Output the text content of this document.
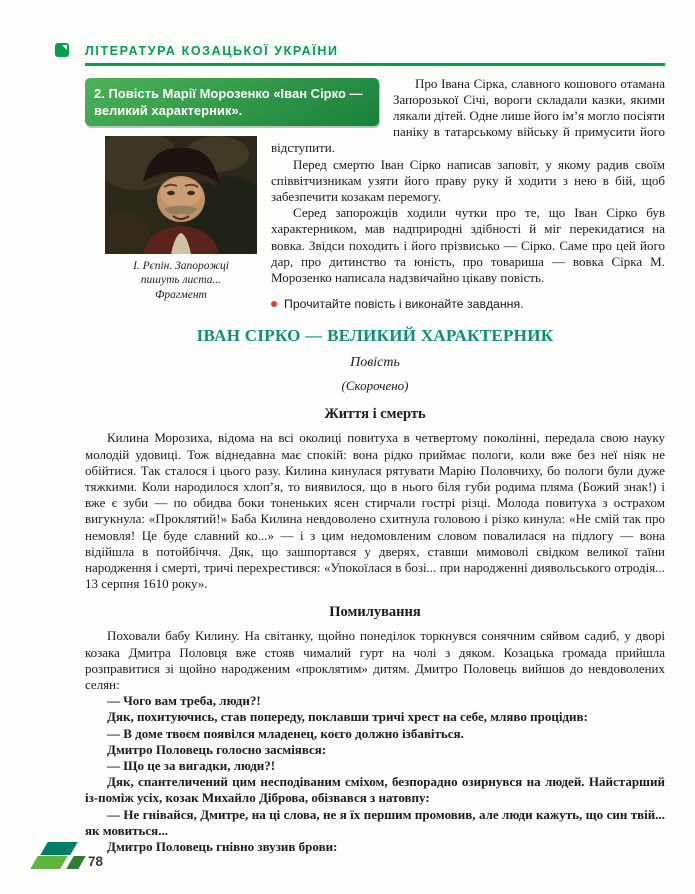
ЛІТЕРАТУРА КОЗАЦЬКОЇ УКРАЇНИ
2. Повість Марії Морозенко «Іван Сірко — великий характерник».
І. Рєпін. Запорожці пишуть листа... Фрагмент

Про Івана Сірка, славного кошового отамана Запорозької Січі, вороги складали казки, якими лякали дітей. Одне лише його ім’я могло посіяти паніку в татарському війську й примусити його відступити.

Перед смертю Іван Сірко написав заповіт, у якому радив своїм співвітчизникам узяти його праву руку й ходити з нею в бій, щоб забезпечити козакам перемогу.

Серед запорожців ходили чутки про те, що Іван Сірко був характерником, мав надприродні здібності й міг перекидатися на вовка. Звідси походить і його прізвисько — Сірко. Саме про цей його дар, про дитинство та юність, про товариша — вовка Сірка М. Морозенко написала надзвичайно цікаву повість.

Прочитайте повість і виконайте завдання.
ІВАН СІРКО — ВЕЛИКИЙ ХАРАКТЕРНИК
Повість
(Скорочено)
Життя і смерть

Килина Морозиха, відома на всі околиці повитуха в четвертому поколінні, передала свою науку молодій удовиці. Тож віднедавна має спокій: вона рідко приймає пологи, коли вже без неї ніяк не обійтися. Так сталося і цього разу. Килина кинулася рятувати Марію Половчиху, бо пологи були дуже тяжкими. Коли народилося хлоп’я, то виявилося, що в нього біля губи родима пляма (Божий знак!) і вже є зуби — по обидва боки тоненьких ясен стирчали гострі різці. Молода повитуха з острахом вигукнула: «Проклятий!» Баба Килина невдоволено схитнула головою і різко кинула: «Не смій так про немовля! Це буде славний ко...» — і з цим недомовленим словом повалилася на підлогу — вона відійшла в потойбіччя. Дяк, що зашпортався у дверях, ставши мимоволі свідком великої таїни народження і смерті, тричі перехрестився: «Упокоїлася в бозі... при народженні диявольського отродія... 13 серпня 1610 року».

Помилування

Поховали бабу Килину. На світанку, щойно понеділок торкнувся сонячним сяйвом садиб, у дворі козака Дмитра Половця вже стояв чималий гурт на чолі з дяком. Козацька громада прийшла розправитися зі щойно народженим «проклятим» дитям. Дмитро Половець вийшов до невдоволених селян:

— Чого вам треба, люди?!

Дяк, похитуючись, став попереду, поклавши тричі хрест на себе, мляво процідив:

— В доме твоєм появілся младенец, коєго должно ізбавіться.

Дмитро Половець голосно засміявся:

— Що це за вигадки, люди?!

Дяк, спантеличений цим несподіваним сміхом, безпорадно озирнувся на людей. Найстарший із-поміж усіх, козак Михайло Діброва, обізвався з натовпу:

— Не гнівайся, Дмитре, на ці слова, не я їх першим промовив, але люди кажуть, що син твій... як мовиться...

Дмитро Половець гнівно звузив брови:

78
